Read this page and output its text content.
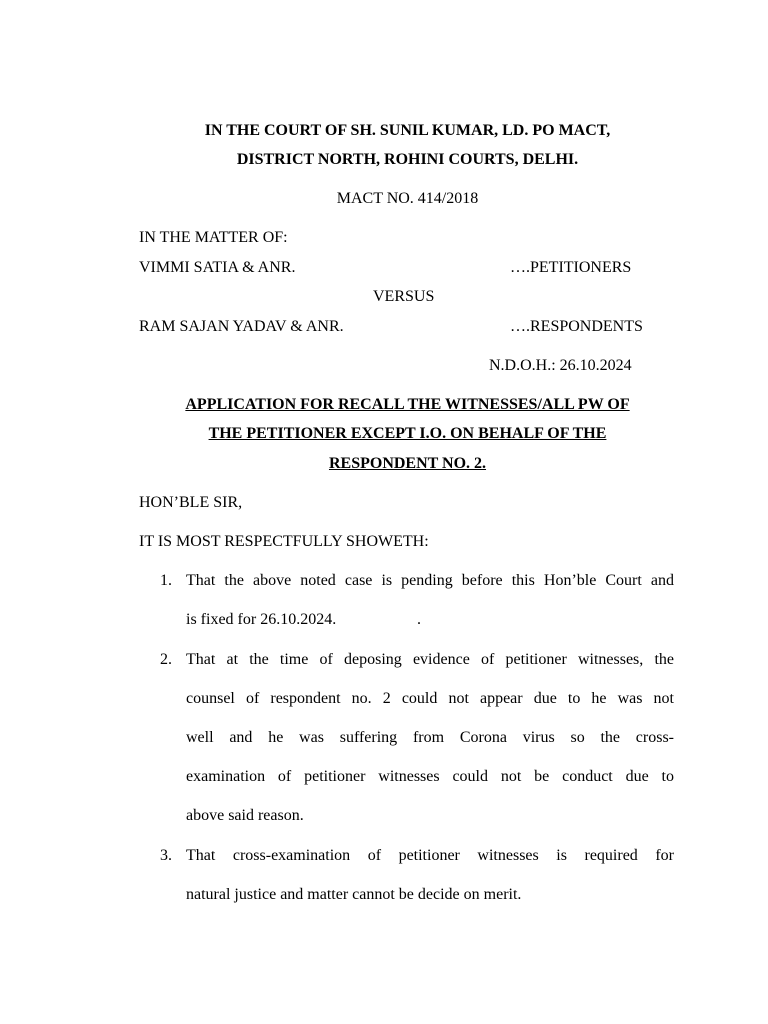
IN THE COURT OF SH. SUNIL KUMAR, LD. PO MACT,
DISTRICT NORTH, ROHINI COURTS, DELHI.
MACT NO. 414/2018
IN THE MATTER OF:
VIMMI SATIA & ANR.	….PETITIONERS
VERSUS
RAM SAJAN YADAV & ANR.	….RESPONDENTS
N.D.O.H.: 26.10.2024
APPLICATION FOR RECALL THE WITNESSES/ALL PW OF
THE PETITIONER EXCEPT I.O. ON BEHALF OF THE
RESPONDENT NO. 2.
HON’BLE SIR,
IT IS MOST RESPECTFULLY SHOWETH:
1. That the above noted case is pending before this Hon’ble Court and
is fixed for 26.10.2024.	.
2. That at the time of deposing evidence of petitioner witnesses, the
counsel of respondent no. 2 could not appear due to he was not
well and he was suffering from Corona virus so the cross-
examination of petitioner witnesses could not be conduct due to
above said reason.
3. That cross-examination of petitioner witnesses is required for
natural justice and matter cannot be decide on merit.
